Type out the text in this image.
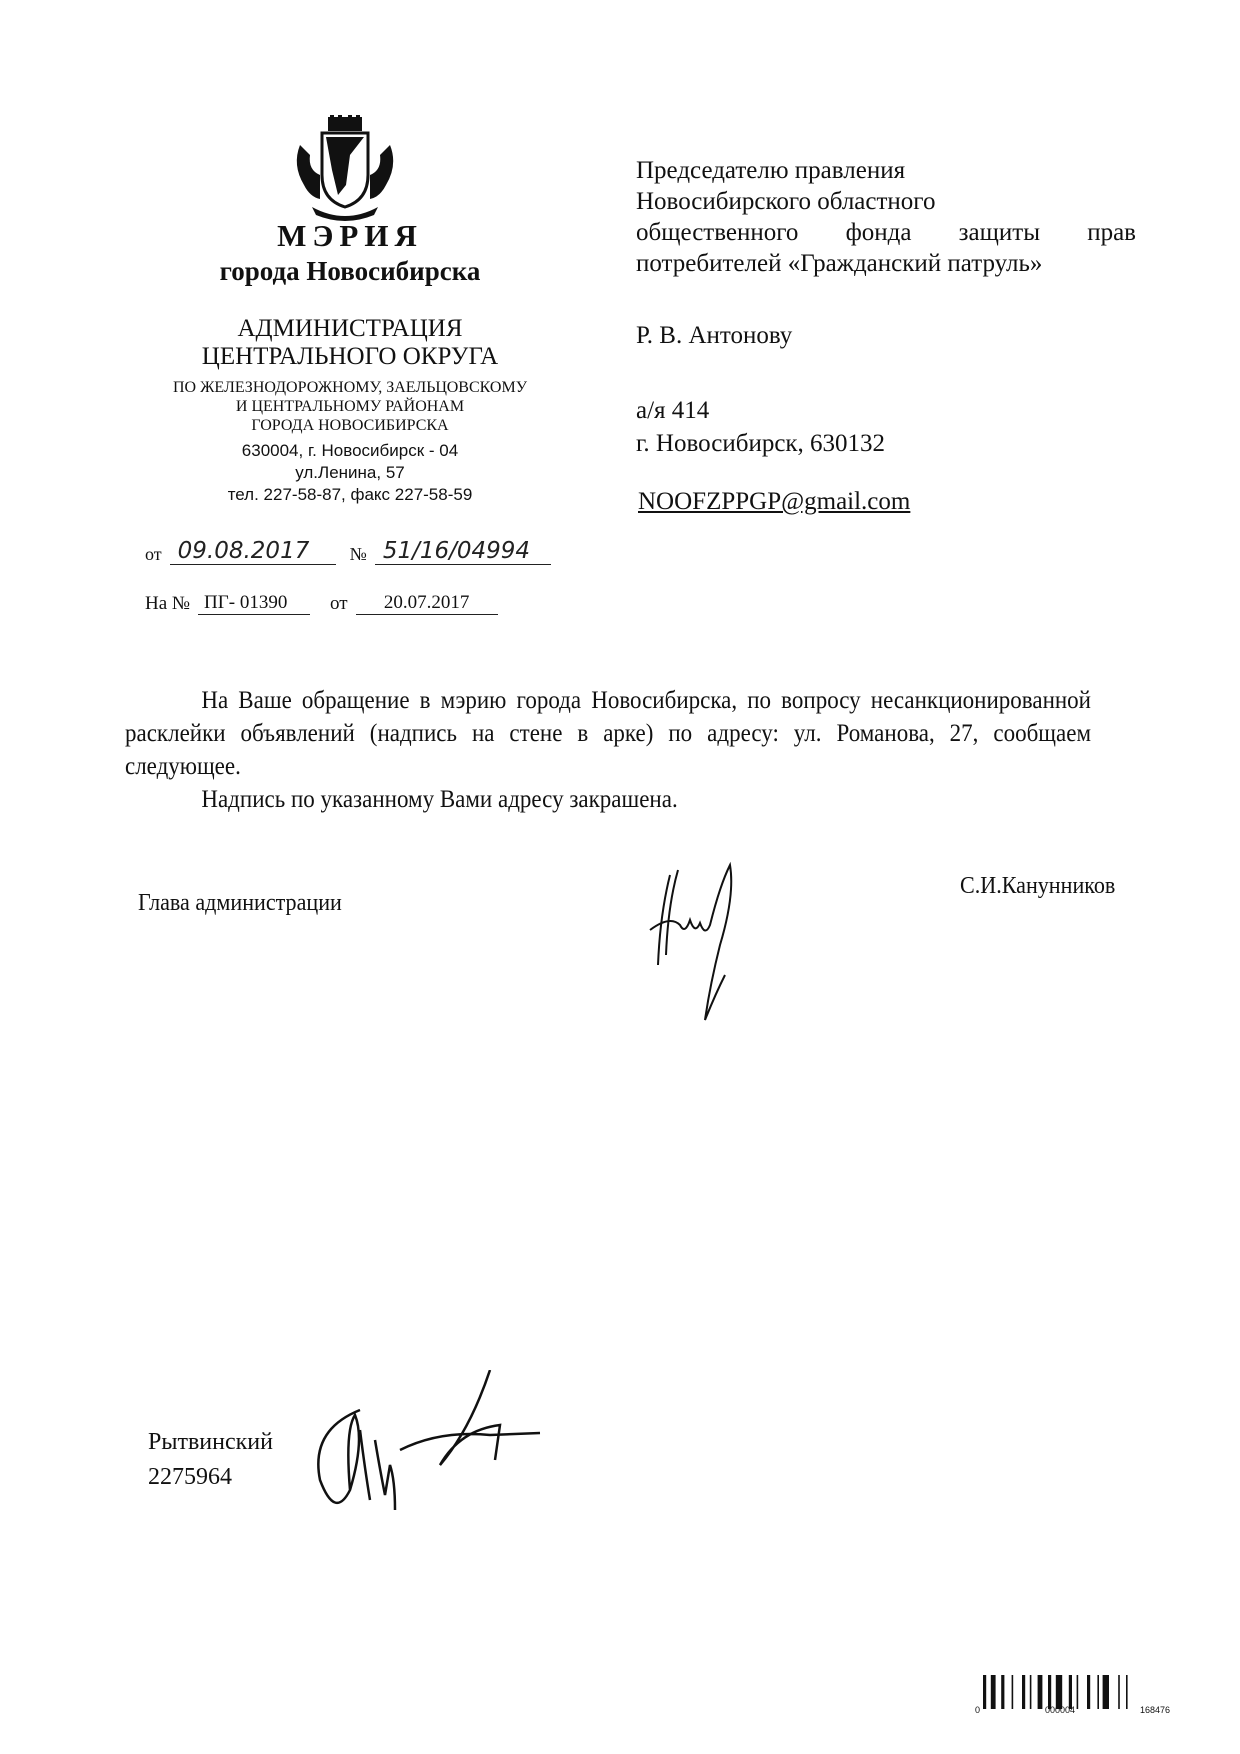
МЭРИЯ
города Новосибирска
АДМИНИСТРАЦИЯ
ЦЕНТРАЛЬНОГО ОКРУГА
ПО ЖЕЛЕЗНОДОРОЖНОМУ, ЗАЕЛЬЦОВСКОМУ
И ЦЕНТРАЛЬНОМУ РАЙОНАМ
ГОРОДА НОВОСИБИРСКА
630004, г. Новосибирск - 04
ул.Ленина, 57
тел. 227-58-87, факс 227-58-59
от 09.08.2017	№ 51/16/04994
На № ПГ- 01390	от	20.07.2017
Председателю правления
Новосибирского областного
общественного фонда защиты прав
потребителей «Гражданский патруль»
Р. В. Антонову
а/я 414
г. Новосибирск, 630132
NOOFZPPGP@gmail.com

На Ваше обращение в мэрию города Новосибирска, по вопросу несанкционированной расклейки объявлений (надпись на стене в арке) по адресу: ул. Романова, 27, сообщаем следующее.

Надпись по указанному Вами адресу закрашена.

Глава администрации
С.И.Канунников
Рытвинский
2275964
0	000004	168476
